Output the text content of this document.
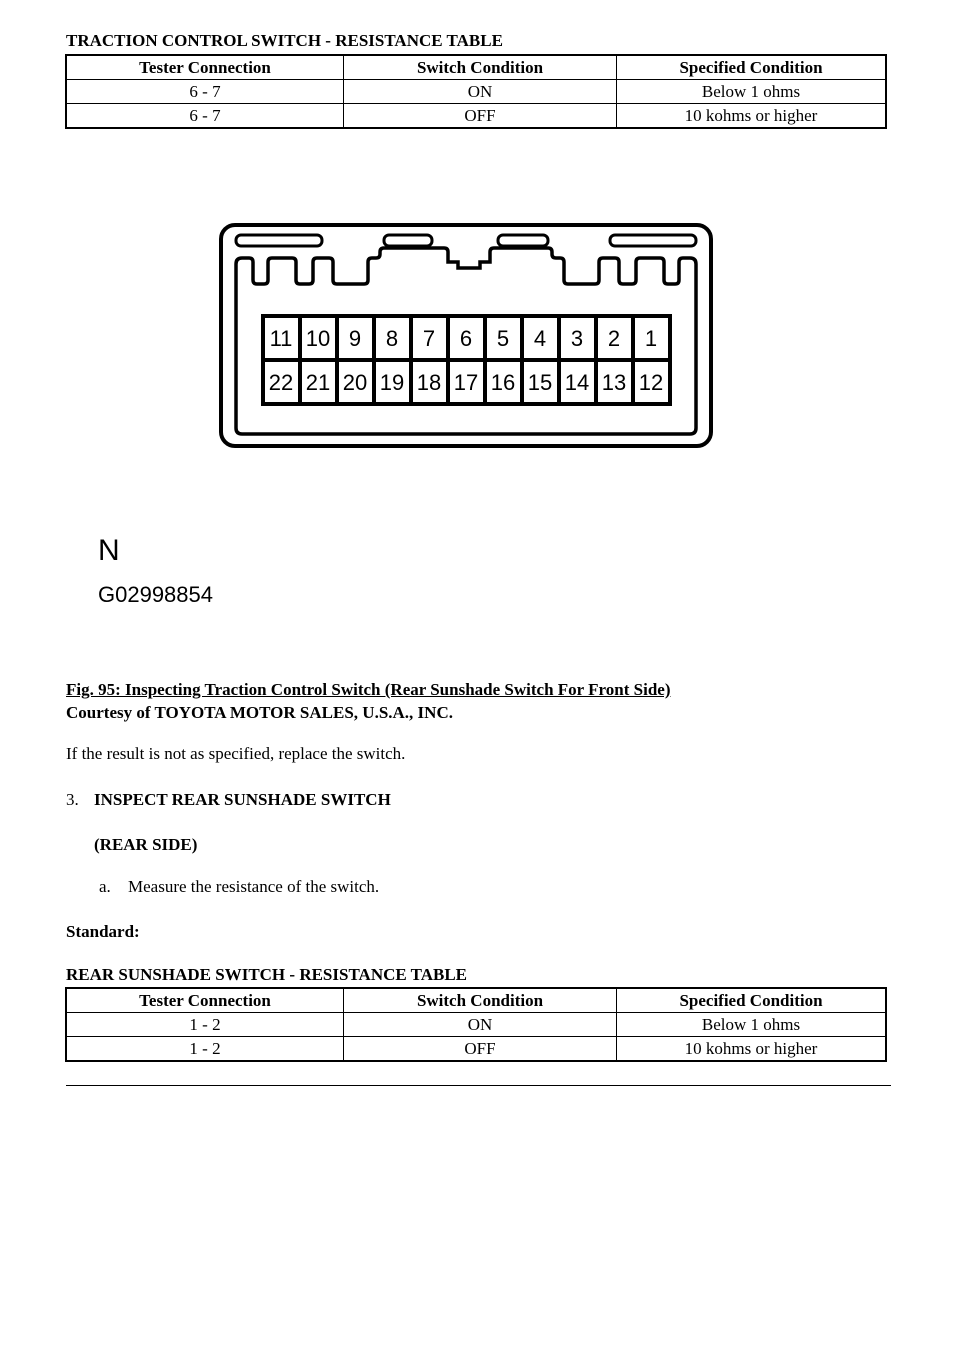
TRACTION CONTROL SWITCH - RESISTANCE TABLE
Tester Connection	Switch Condition	Specified Condition
6 - 7	ON	Below 1 ohms
6 - 7	OFF	10 kohms or higher
11 10 9 8 7 6 5 4 3 2 1
22 21 20 19 18 17 16 15 14 13 12
N
G02998854
Fig. 95: Inspecting Traction Control Switch (Rear Sunshade Switch For Front Side)
Courtesy of TOYOTA MOTOR SALES, U.S.A., INC.
If the result is not as specified, replace the switch.
3. INSPECT REAR SUNSHADE SWITCH
(REAR SIDE)
a. Measure the resistance of the switch.
Standard:
REAR SUNSHADE SWITCH - RESISTANCE TABLE
Tester Connection	Switch Condition	Specified Condition
1 - 2	ON	Below 1 ohms
1 - 2	OFF	10 kohms or higher
